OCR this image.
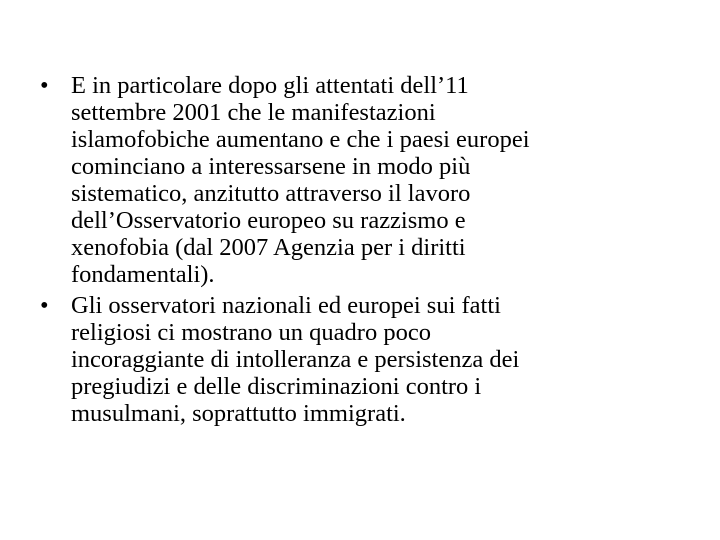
• E in particolare dopo gli attentati dell’11
settembre 2001 che le manifestazioni
islamofobiche aumentano e che i paesi europei
cominciano a interessarsene in modo più
sistematico, anzitutto attraverso il lavoro
dell’Osservatorio europeo su razzismo e
xenofobia (dal 2007 Agenzia per i diritti
fondamentali).
• Gli osservatori nazionali ed europei sui fatti
religiosi ci mostrano un quadro poco
incoraggiante di intolleranza e persistenza dei
pregiudizi e delle discriminazioni contro i
musulmani, soprattutto immigrati.
